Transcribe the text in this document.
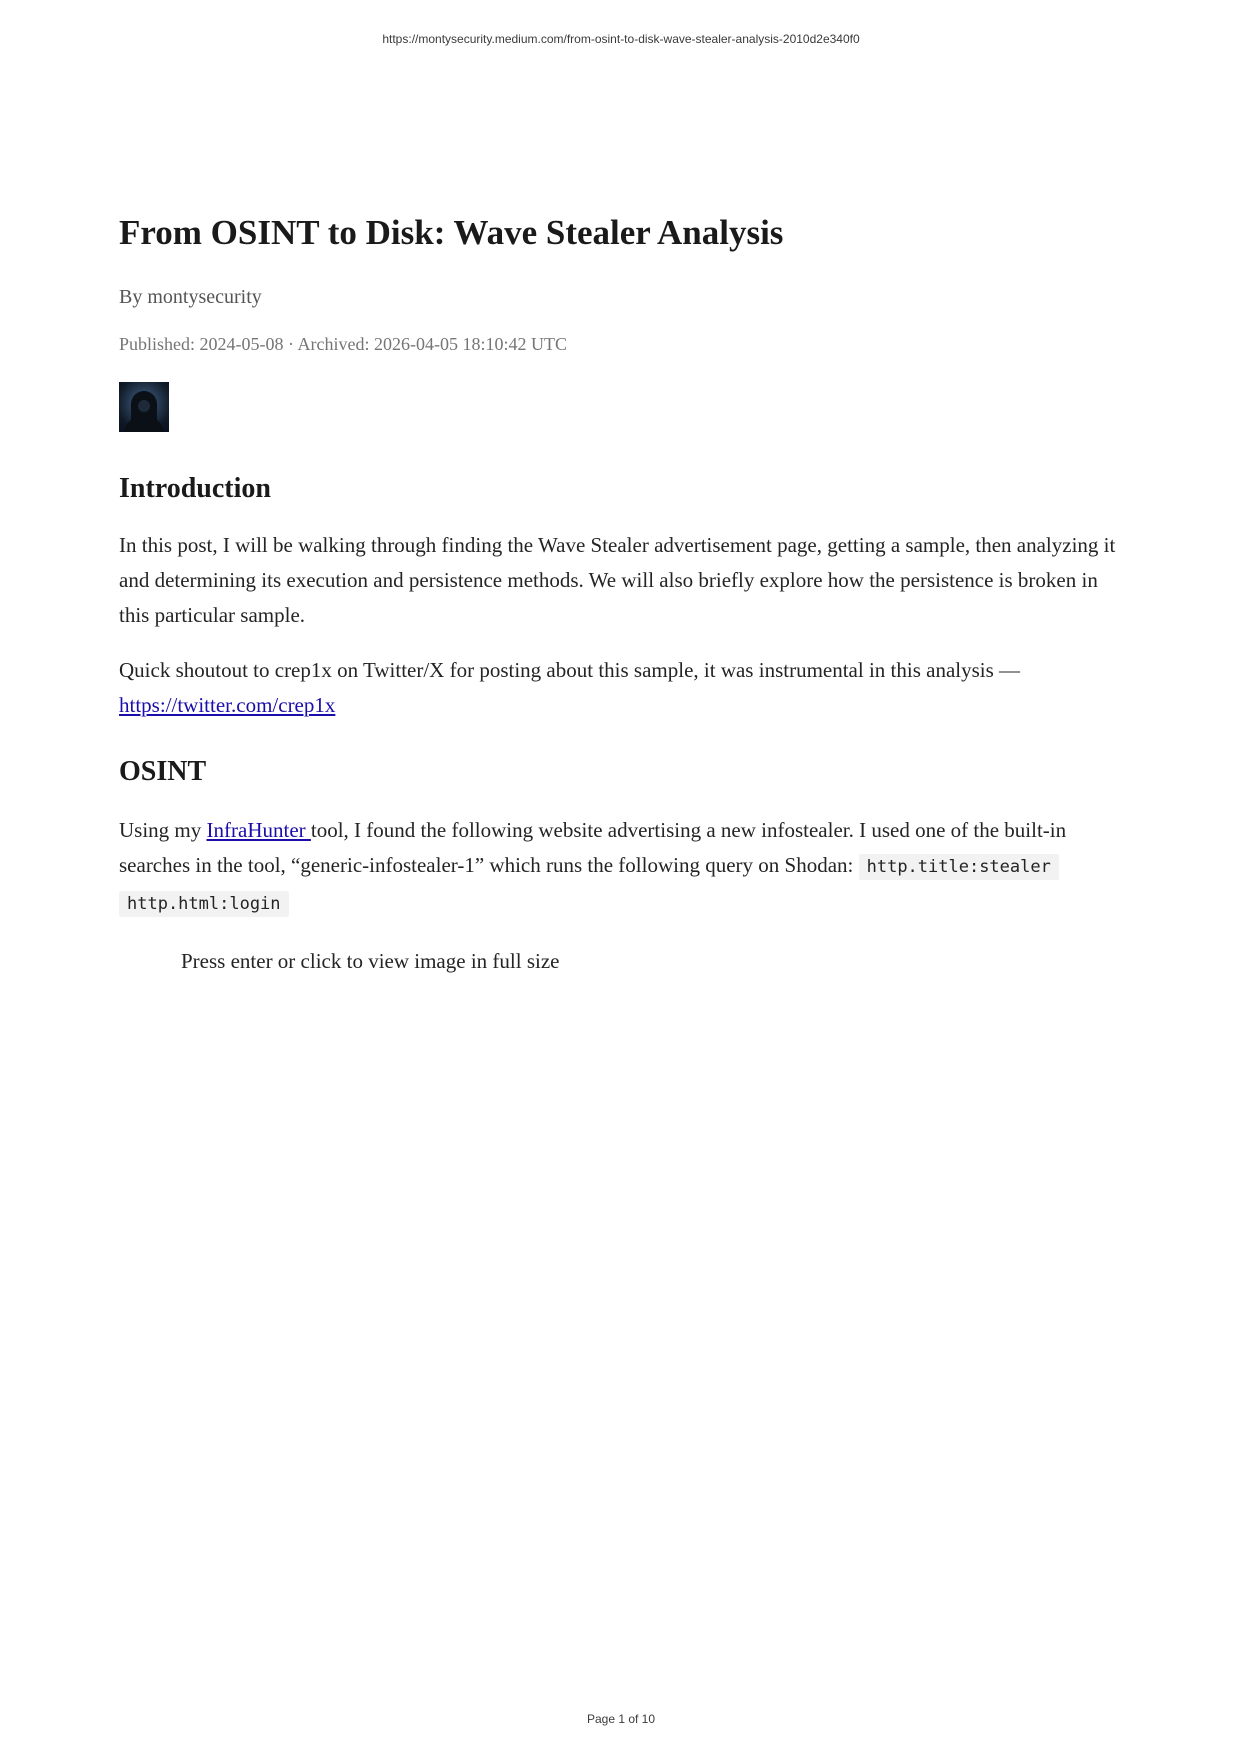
https://montysecurity.medium.com/from-osint-to-disk-wave-stealer-analysis-2010d2e340f0
From OSINT to Disk: Wave Stealer Analysis
By montysecurity
Published: 2024-05-08 · Archived: 2026-04-05 18:10:42 UTC
Introduction

In this post, I will be walking through finding the Wave Stealer advertisement page, getting a sample, then analyzing it and determining its execution and persistence methods. We will also briefly explore how the persistence is broken in this particular sample.

Quick shoutout to crep1x on Twitter/X for posting about this sample, it was instrumental in this analysis — https://twitter.com/crep1x

OSINT

Using my InfraHunter tool, I found the following website advertising a new infostealer. I used one of the built-in searches in the tool, “generic-infostealer-1” which runs the following query on Shodan: http.title:stealer http.html:login

Press enter or click to view image in full size
Page 1 of 10
